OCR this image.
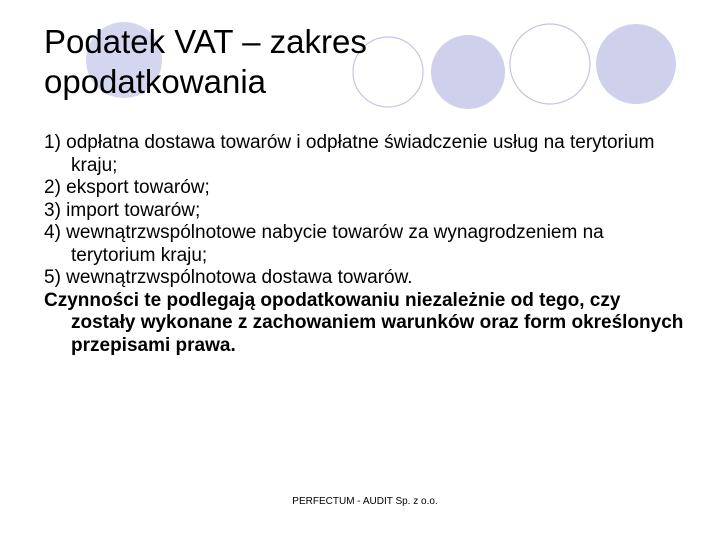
Podatek VAT – zakres opodatkowania

1) odpłatna dostawa towarów i odpłatne świadczenie usług na terytorium kraju;

2) eksport towarów;

3) import towarów;

4) wewnątrzwspólnotowe nabycie towarów za wynagrodzeniem na terytorium kraju;

5) wewnątrzwspólnotowa dostawa towarów.

Czynności te podlegają opodatkowaniu niezależnie od tego, czy zostały wykonane z zachowaniem warunków oraz form określonych przepisami prawa.

PERFECTUM - AUDIT Sp. z o.o.
